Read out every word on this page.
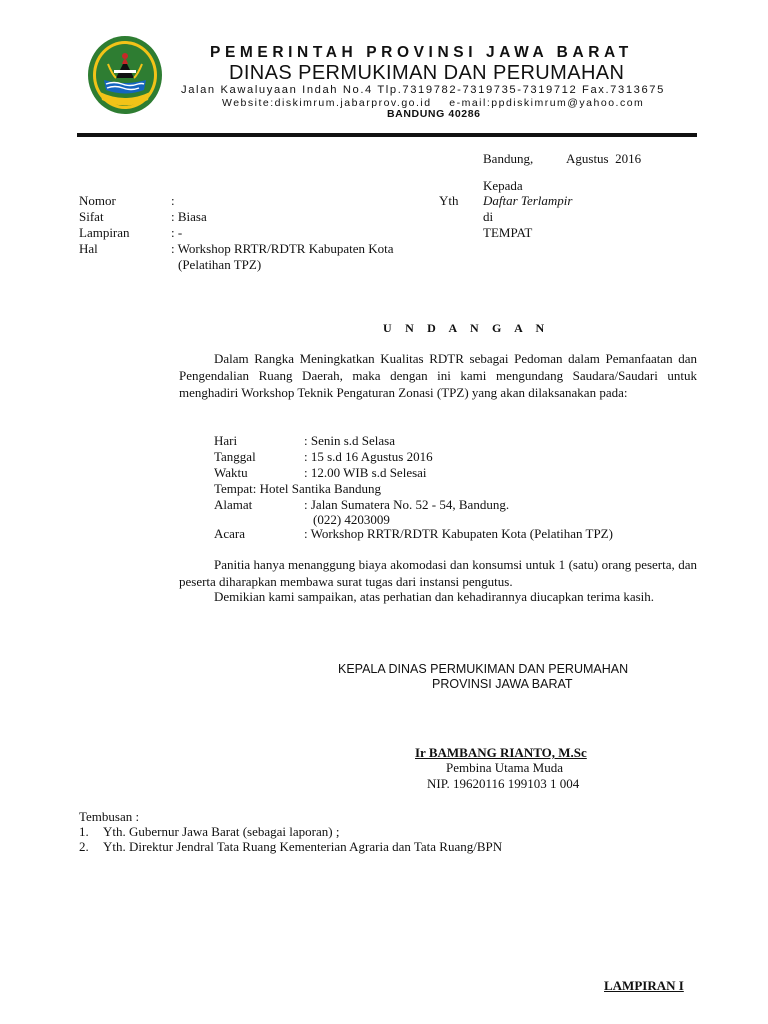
PEMERINTAH PROVINSI JAWA BARAT
DINAS PERMUKIMAN DAN PERUMAHAN
Jalan Kawaluyaan Indah No.4 Tlp.7319782-7319735-7319712 Fax.7313675
Website:diskimrum.jabarprov.go.id    e-mail:ppdiskimrum@yahoo.com
BANDUNG 40286
Bandung,	Agustus  2016
Kepada
Yth Daftar Terlampir
di
TEMPAT
Nomor	:
Sifat	: Biasa
Lampiran	: -
Hal	: Workshop RRTR/RDTR Kabupaten Kota
(Pelatihan TPZ)
U N D A N G A N
Dalam Rangka Meningkatkan Kualitas RDTR sebagai Pedoman dalam Pemanfaatan dan Pengendalian Ruang Daerah, maka dengan ini kami mengundang Saudara/Saudari untuk menghadiri Workshop Teknik Pengaturan Zonasi (TPZ) yang akan dilaksanakan pada:
Hari	: Senin s.d Selasa
Tanggal	: 15 s.d 16 Agustus 2016
Waktu	: 12.00 WIB s.d Selesai
Tempat: Hotel Santika Bandung
Alamat	: Jalan Sumatera No. 52 - 54, Bandung.
(022) 4203009
Acara	: Workshop RRTR/RDTR Kabupaten Kota (Pelatihan TPZ)
Panitia hanya menanggung biaya akomodasi dan konsumsi untuk 1 (satu) orang peserta, dan peserta diharapkan membawa surat tugas dari instansi pengutus.
Demikian kami sampaikan, atas perhatian dan kehadirannya diucapkan terima kasih.
KEPALA DINAS PERMUKIMAN DAN PERUMAHAN
PROVINSI JAWA BARAT
Ir BAMBANG RIANTO, M.Sc
Pembina Utama Muda
NIP. 19620116 199103 1 004
Tembusan :
1. Yth. Gubernur Jawa Barat (sebagai laporan) ;
2. Yth. Direktur Jendral Tata Ruang Kementerian Agraria dan Tata Ruang/BPN
LAMPIRAN I
